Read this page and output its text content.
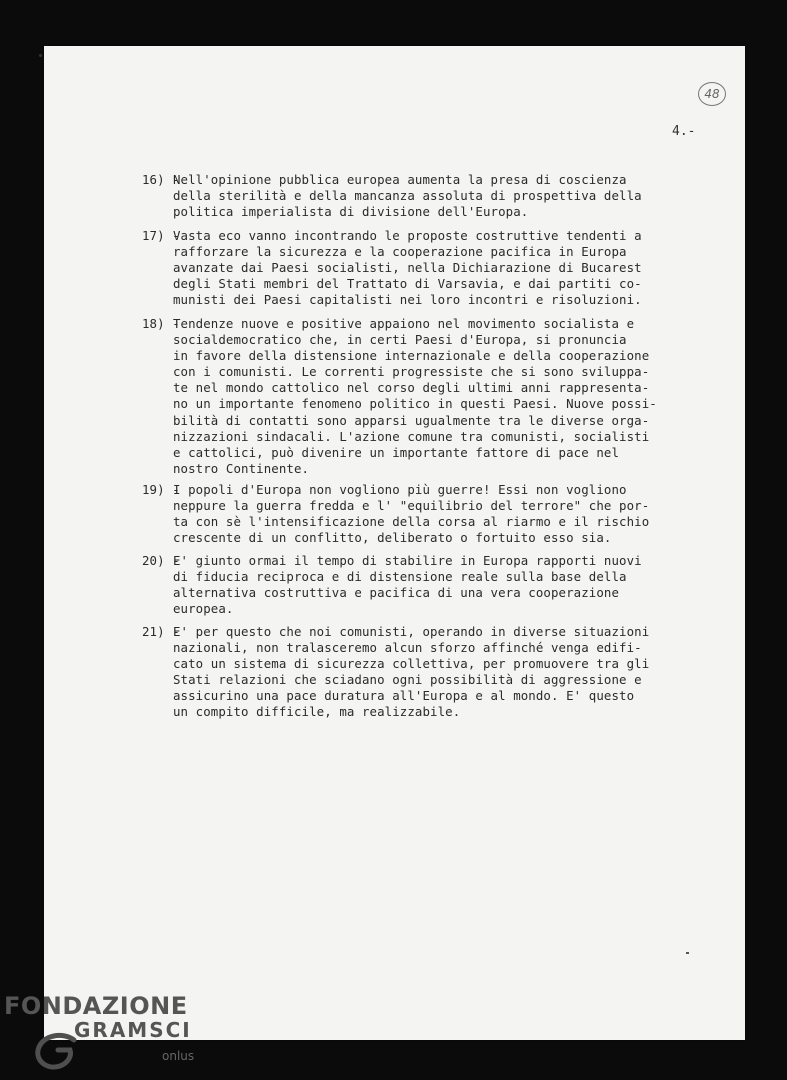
48
4.-
16) -
Nell'opinione pubblica europea aumenta la presa di coscienza
della sterilità e della mancanza assoluta di prospettiva della
politica imperialista di divisione dell'Europa.
17) -
Vasta eco vanno incontrando le proposte costruttive tendenti a
rafforzare la sicurezza e la cooperazione pacifica in Europa
avanzate dai Paesi socialisti, nella Dichiarazione di Bucarest
degli Stati membri del Trattato di Varsavia, e dai partiti co-
munisti dei Paesi capitalisti nei loro incontri e risoluzioni.
18) -
Tendenze nuove e positive appaiono nel movimento socialista e
socialdemocratico che, in certi Paesi d'Europa, si pronuncia
in favore della distensione internazionale e della cooperazione
con i comunisti. Le correnti progressiste che si sono sviluppa-
te nel mondo cattolico nel corso degli ultimi anni rappresenta-
no un importante fenomeno politico in questi Paesi. Nuove possi-
bilità di contatti sono apparsi ugualmente tra le diverse orga-
nizzazioni sindacali. L'azione comune tra comunisti, socialisti
e cattolici, può divenire un importante fattore di pace nel
nostro Continente.
19) -
I popoli d'Europa non vogliono più guerre! Essi non vogliono
neppure la guerra fredda e l' "equilibrio del terrore" che por-
ta con sè l'intensificazione della corsa al riarmo e il rischio
crescente di un conflitto, deliberato o fortuito esso sia.
20) -
E' giunto ormai il tempo di stabilire in Europa rapporti nuovi
di fiducia reciproca e di distensione reale sulla base della
alternativa costruttiva e pacifica di una vera cooperazione
europea.
21) -
E' per questo che noi comunisti, operando in diverse situazioni
nazionali, non tralasceremo alcun sforzo affinché venga edifi-
cato un sistema di sicurezza collettiva, per promuovere tra gli
Stati relazioni che sciadano ogni possibilità di aggressione e
assicurino una pace duratura all'Europa e al mondo. E' questo
un compito difficile, ma realizzabile.
FONDAZIONE
GRAMSCI
onlus
